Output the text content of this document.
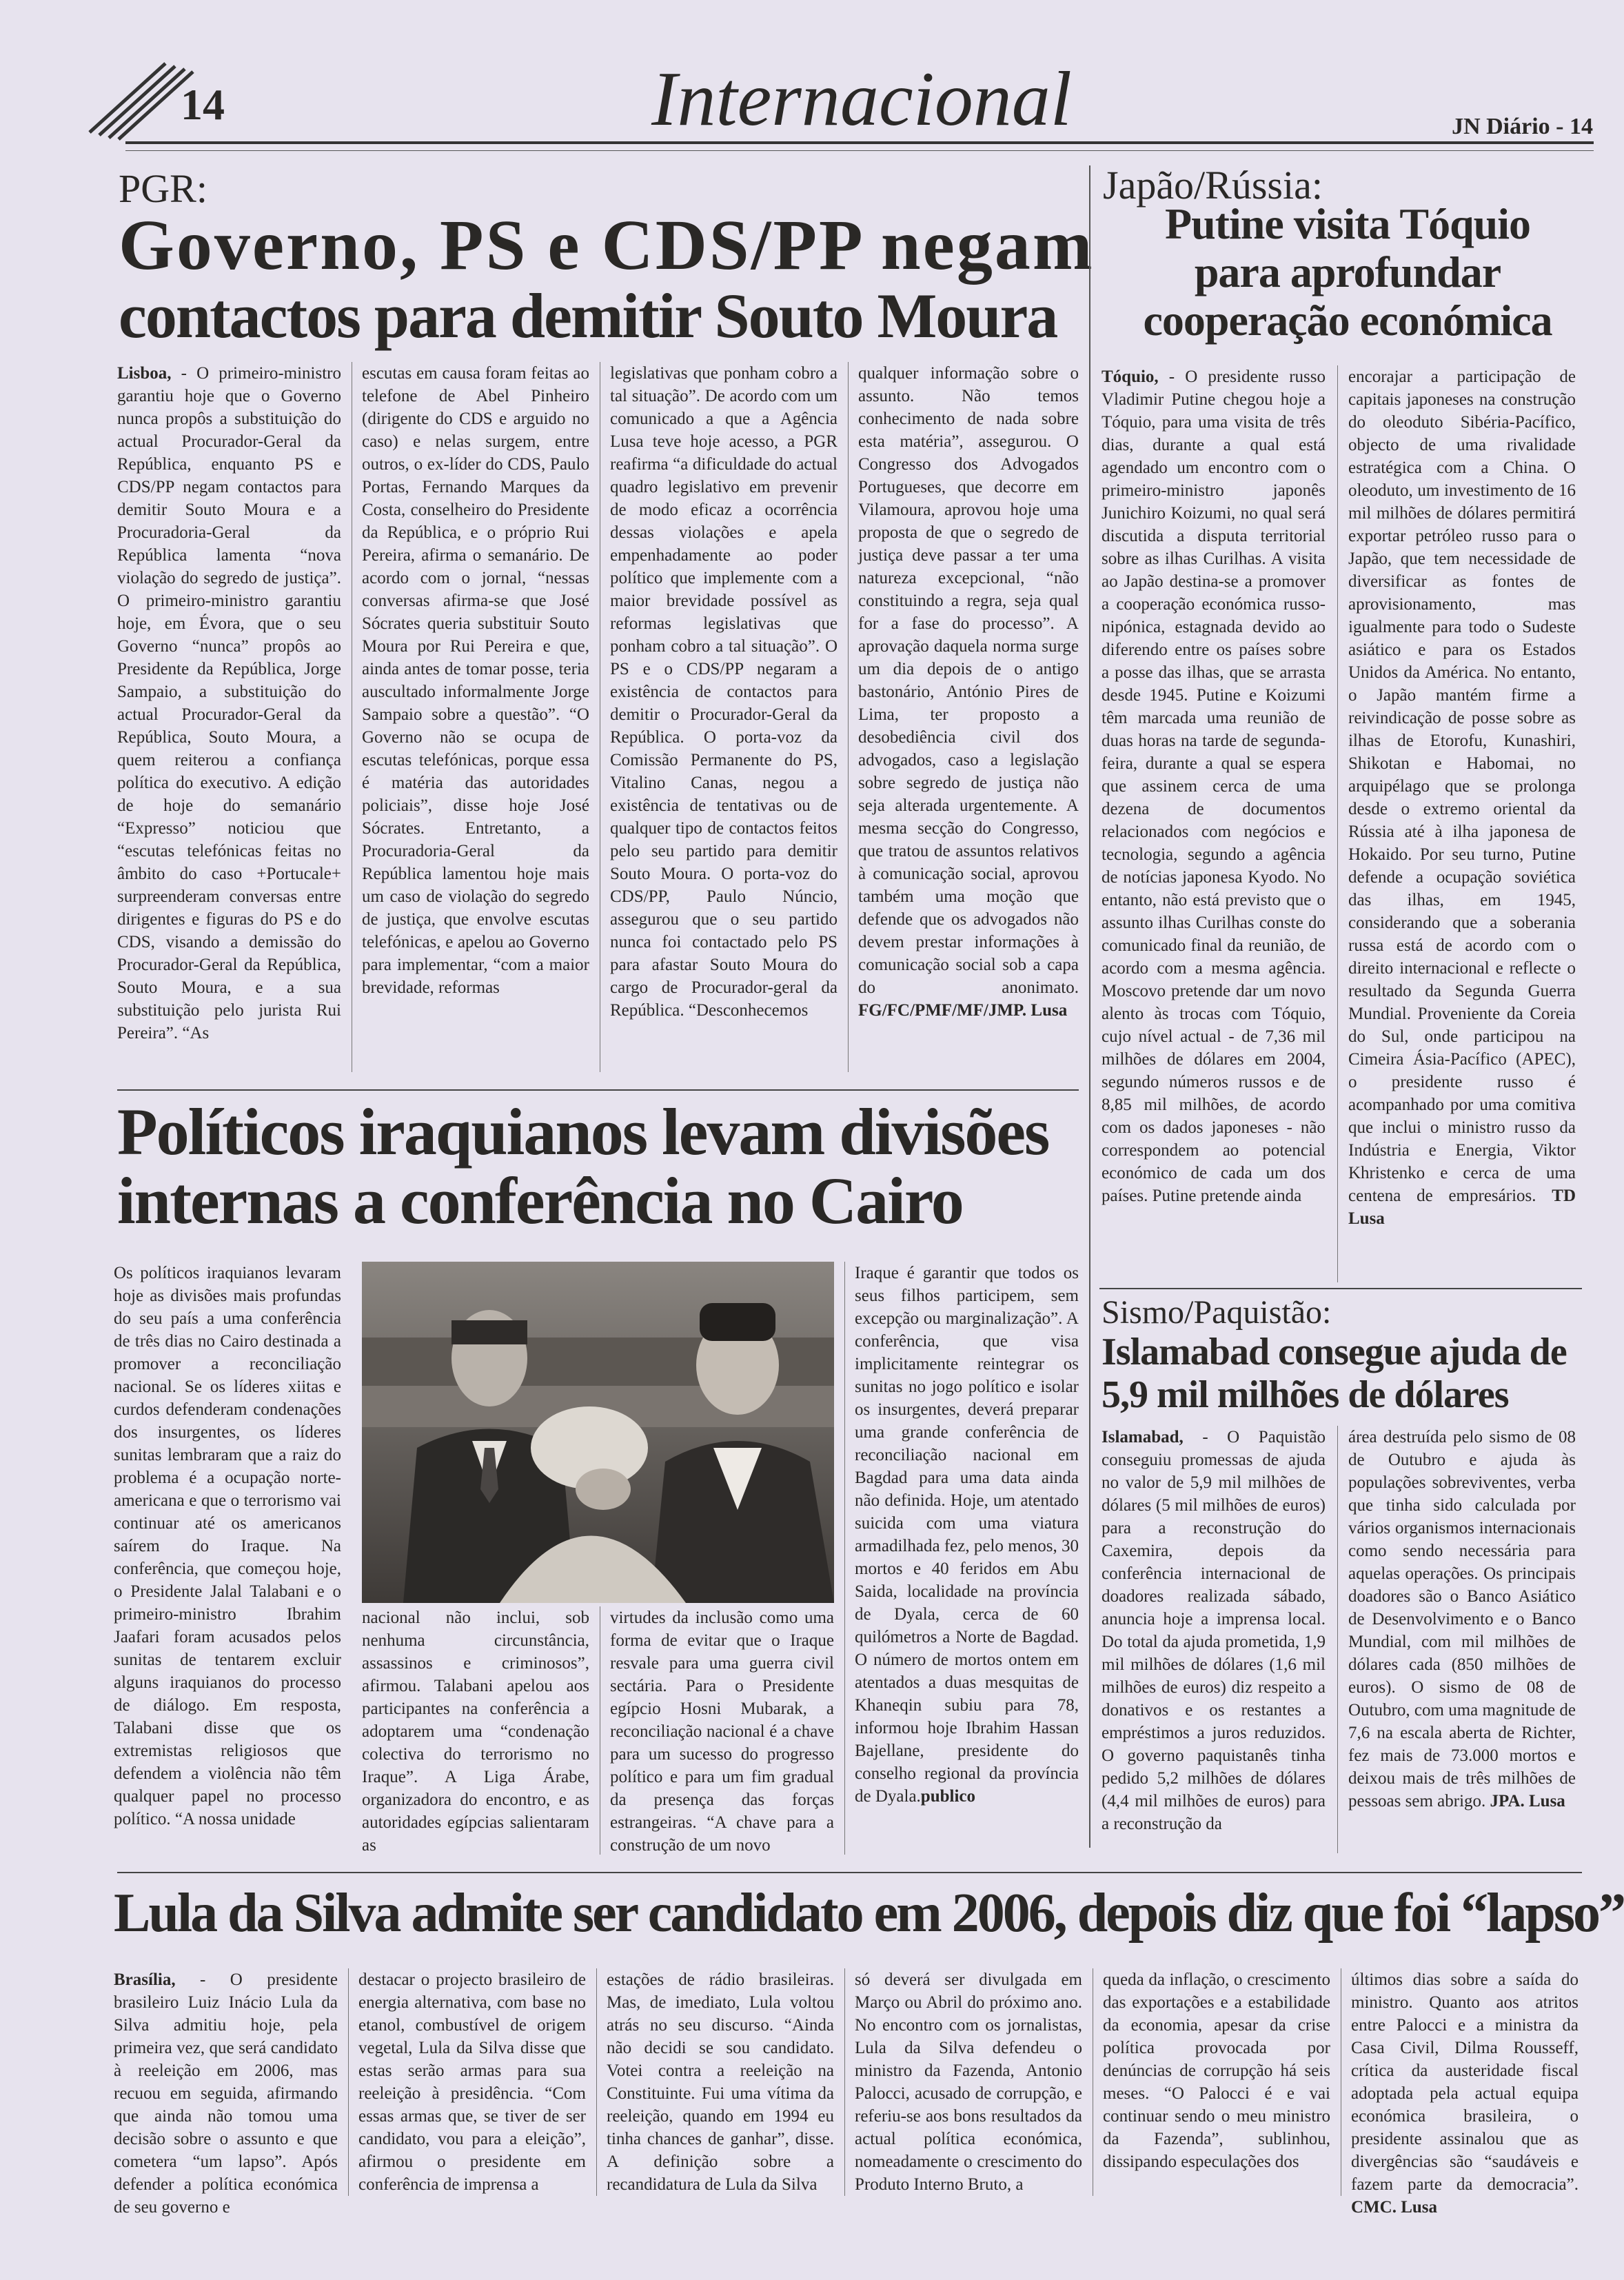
14	Internacional	JN Diário - 14
PGR:
Governo, PS e CDS/PP negam
contactos para demitir Souto Moura
Lisboa, - O primeiro-ministro garantiu hoje que o Governo nunca propôs a substituição do actual Procurador-Geral da República, enquanto PS e CDS/PP negam contactos para demitir Souto Moura e a Procuradoria-Geral da República lamenta “nova violação do segredo de justiça”. O primeiro-ministro garantiu hoje, em Évora, que o seu Governo “nunca” propôs ao Presidente da República, Jorge Sampaio, a substituição do actual Procurador-Geral da República, Souto Moura, a quem reiterou a confiança política do executivo. A edição de hoje do semanário “Expresso” noticiou que “escutas telefónicas feitas no âmbito do caso +Portucale+ surpreenderam conversas entre dirigentes e figuras do PS e do CDS, visando a demissão do Procurador-Geral da República, Souto Moura, e a sua substituição pelo jurista Rui Pereira”. “As
escutas em causa foram feitas ao telefone de Abel Pinheiro (dirigente do CDS e arguido no caso) e nelas surgem, entre outros, o ex-líder do CDS, Paulo Portas, Fernando Marques da Costa, conselheiro do Presidente da República, e o próprio Rui Pereira, afirma o semanário. De acordo com o jornal, “nessas conversas afirma-se que José Sócrates queria substituir Souto Moura por Rui Pereira e que, ainda antes de tomar posse, teria auscultado informalmente Jorge Sampaio sobre a questão”. “O Governo não se ocupa de escutas telefónicas, porque essa é matéria das autoridades policiais”, disse hoje José Sócrates. Entretanto, a Procuradoria-Geral da República lamentou hoje mais um caso de violação do segredo de justiça, que envolve escutas telefónicas, e apelou ao Governo para implementar, “com a maior brevidade, reformas
legislativas que ponham cobro a tal situação”. De acordo com um comunicado a que a Agência Lusa teve hoje acesso, a PGR reafirma “a dificuldade do actual quadro legislativo em prevenir de modo eficaz a ocorrência dessas violações e apela empenhadamente ao poder político que implemente com a maior brevidade possível as reformas legislativas que ponham cobro a tal situação”. O PS e o CDS/PP negaram a existência de contactos para demitir o Procurador-Geral da República. O porta-voz da Comissão Permanente do PS, Vitalino Canas, negou a existência de tentativas ou de qualquer tipo de contactos feitos pelo seu partido para demitir Souto Moura. O porta-voz do CDS/PP, Paulo Núncio, assegurou que o seu partido nunca foi contactado pelo PS para afastar Souto Moura do cargo de Procurador-geral da República. “Desconhecemos
qualquer informação sobre o assunto. Não temos conhecimento de nada sobre esta matéria”, assegurou. O Congresso dos Advogados Portugueses, que decorre em Vilamoura, aprovou hoje uma proposta de que o segredo de justiça deve passar a ter uma natureza excepcional, “não constituindo a regra, seja qual for a fase do processo”. A aprovação daquela norma surge um dia depois de o antigo bastonário, António Pires de Lima, ter proposto a desobediência civil dos advogados, caso a legislação sobre segredo de justiça não seja alterada urgentemente. A mesma secção do Congresso, que tratou de assuntos relativos à comunicação social, aprovou também uma moção que defende que os advogados não devem prestar informações à comunicação social sob a capa do anonimato. FG/FC/PMF/MF/JMP. Lusa
Japão/Rússia:
Putine visita Tóquio
para aprofundar
cooperação económica
Tóquio, - O presidente russo Vladimir Putine chegou hoje a Tóquio, para uma visita de três dias, durante a qual está agendado um encontro com o primeiro-ministro japonês Junichiro Koizumi, no qual será discutida a disputa territorial sobre as ilhas Curilhas. A visita ao Japão destina-se a promover a cooperação económica russo-nipónica, estagnada devido ao diferendo entre os países sobre a posse das ilhas, que se arrasta desde 1945. Putine e Koizumi têm marcada uma reunião de duas horas na tarde de segunda-feira, durante a qual se espera que assinem cerca de uma dezena de documentos relacionados com negócios e tecnologia, segundo a agência de notícias japonesa Kyodo. No entanto, não está previsto que o assunto ilhas Curilhas conste do comunicado final da reunião, de acordo com a mesma agência. Moscovo pretende dar um novo alento às trocas com Tóquio, cujo nível actual - de 7,36 mil milhões de dólares em 2004, segundo números russos e de 8,85 mil milhões, de acordo com os dados japoneses - não correspondem ao potencial económico de cada um dos países. Putine pretende ainda
encorajar a participação de capitais japoneses na construção do oleoduto Sibéria-Pacífico, objecto de uma rivalidade estratégica com a China. O oleoduto, um investimento de 16 mil milhões de dólares permitirá exportar petróleo russo para o Japão, que tem necessidade de diversificar as fontes de aprovisionamento, mas igualmente para todo o Sudeste asiático e para os Estados Unidos da América. No entanto, o Japão mantém firme a reivindicação de posse sobre as ilhas de Etorofu, Kunashiri, Shikotan e Habomai, no arquipélago que se prolonga desde o extremo oriental da Rússia até à ilha japonesa de Hokaido. Por seu turno, Putine defende a ocupação soviética das ilhas, em 1945, considerando que a soberania russa está de acordo com o direito internacional e reflecte o resultado da Segunda Guerra Mundial. Proveniente da Coreia do Sul, onde participou na Cimeira Ásia-Pacífico (APEC), o presidente russo é acompanhado por uma comitiva que inclui o ministro russo da Indústria e Energia, Viktor Khristenko e cerca de uma centena de empresários. TD Lusa
Políticos iraquianos levam divisões
internas a conferência no Cairo
Os políticos iraquianos levaram hoje as divisões mais profundas do seu país a uma conferência de três dias no Cairo destinada a promover a reconciliação nacional. Se os líderes xiitas e curdos defenderam condenações dos insurgentes, os líderes sunitas lembraram que a raiz do problema é a ocupação norte-americana e que o terrorismo vai continuar até os americanos saírem do Iraque. Na conferência, que começou hoje, o Presidente Jalal Talabani e o primeiro-ministro Ibrahim Jaafari foram acusados pelos sunitas de tentarem excluir alguns iraquianos do processo de diálogo. Em resposta, Talabani disse que os extremistas religiosos que defendem a violência não têm qualquer papel no processo político. “A nossa unidade
nacional não inclui, sob nenhuma circunstância, assassinos e criminosos”, afirmou. Talabani apelou aos participantes na conferência a adoptarem uma “condenação colectiva do terrorismo no Iraque”. A Liga Árabe, organizadora do encontro, e as autoridades egípcias salientaram as
virtudes da inclusão como uma forma de evitar que o Iraque resvale para uma guerra civil sectária. Para o Presidente egípcio Hosni Mubarak, a reconciliação nacional é a chave para um sucesso do progresso político e para um fim gradual da presença das forças estrangeiras. “A chave para a construção de um novo
Iraque é garantir que todos os seus filhos participem, sem excepção ou marginalização”. A conferência, que visa implicitamente reintegrar os sunitas no jogo político e isolar os insurgentes, deverá preparar uma grande conferência de reconciliação nacional em Bagdad para uma data ainda não definida. Hoje, um atentado suicida com uma viatura armadilhada fez, pelo menos, 30 mortos e 40 feridos em Abu Saida, localidade na província de Dyala, cerca de 60 quilómetros a Norte de Bagdad. O número de mortos ontem em atentados a duas mesquitas de Khaneqin subiu para 78, informou hoje Ibrahim Hassan Bajellane, presidente do conselho regional da província de Dyala.publico
Sismo/Paquistão:
Islamabad consegue ajuda de
5,9 mil milhões de dólares
Islamabad, - O Paquistão conseguiu promessas de ajuda no valor de 5,9 mil milhões de dólares (5 mil milhões de euros) para a reconstrução do Caxemira, depois da conferência internacional de doadores realizada sábado, anuncia hoje a imprensa local. Do total da ajuda prometida, 1,9 mil milhões de dólares (1,6 mil milhões de euros) diz respeito a donativos e os restantes a empréstimos a juros reduzidos. O governo paquistanês tinha pedido 5,2 milhões de dólares (4,4 mil milhões de euros) para a reconstrução da
área destruída pelo sismo de 08 de Outubro e ajuda às populações sobreviventes, verba que tinha sido calculada por vários organismos internacionais como sendo necessária para aquelas operações. Os principais doadores são o Banco Asiático de Desenvolvimento e o Banco Mundial, com mil milhões de dólares cada (850 milhões de euros). O sismo de 08 de Outubro, com uma magnitude de 7,6 na escala aberta de Richter, fez mais de 73.000 mortos e deixou mais de três milhões de pessoas sem abrigo. JPA. Lusa
Lula da Silva admite ser candidato em 2006, depois diz que foi “lapso”
Brasília, - O presidente brasileiro Luiz Inácio Lula da Silva admitiu hoje, pela primeira vez, que será candidato à reeleição em 2006, mas recuou em seguida, afirmando que ainda não tomou uma decisão sobre o assunto e que cometera “um lapso”. Após defender a política económica de seu governo e
destacar o projecto brasileiro de energia alternativa, com base no etanol, combustível de origem vegetal, Lula da Silva disse que estas serão armas para sua reeleição à presidência. “Com essas armas que, se tiver de ser candidato, vou para a eleição”, afirmou o presidente em conferência de imprensa a
estações de rádio brasileiras. Mas, de imediato, Lula voltou atrás no seu discurso. “Ainda não decidi se sou candidato. Votei contra a reeleição na Constituinte. Fui uma vítima da reeleição, quando em 1994 eu tinha chances de ganhar”, disse. A definição sobre a recandidatura de Lula da Silva
só deverá ser divulgada em Março ou Abril do próximo ano. No encontro com os jornalistas, Lula da Silva defendeu o ministro da Fazenda, Antonio Palocci, acusado de corrupção, e referiu-se aos bons resultados da actual política económica, nomeadamente o crescimento do Produto Interno Bruto, a
queda da inflação, o crescimento das exportações e a estabilidade da economia, apesar da crise política provocada por denúncias de corrupção há seis meses. “O Palocci é e vai continuar sendo o meu ministro da Fazenda”, sublinhou, dissipando especulações dos
últimos dias sobre a saída do ministro. Quanto aos atritos entre Palocci e a ministra da Casa Civil, Dilma Rousseff, crítica da austeridade fiscal adoptada pela actual equipa económica brasileira, o presidente assinalou que as divergências são “saudáveis e fazem parte da democracia”. CMC. Lusa
